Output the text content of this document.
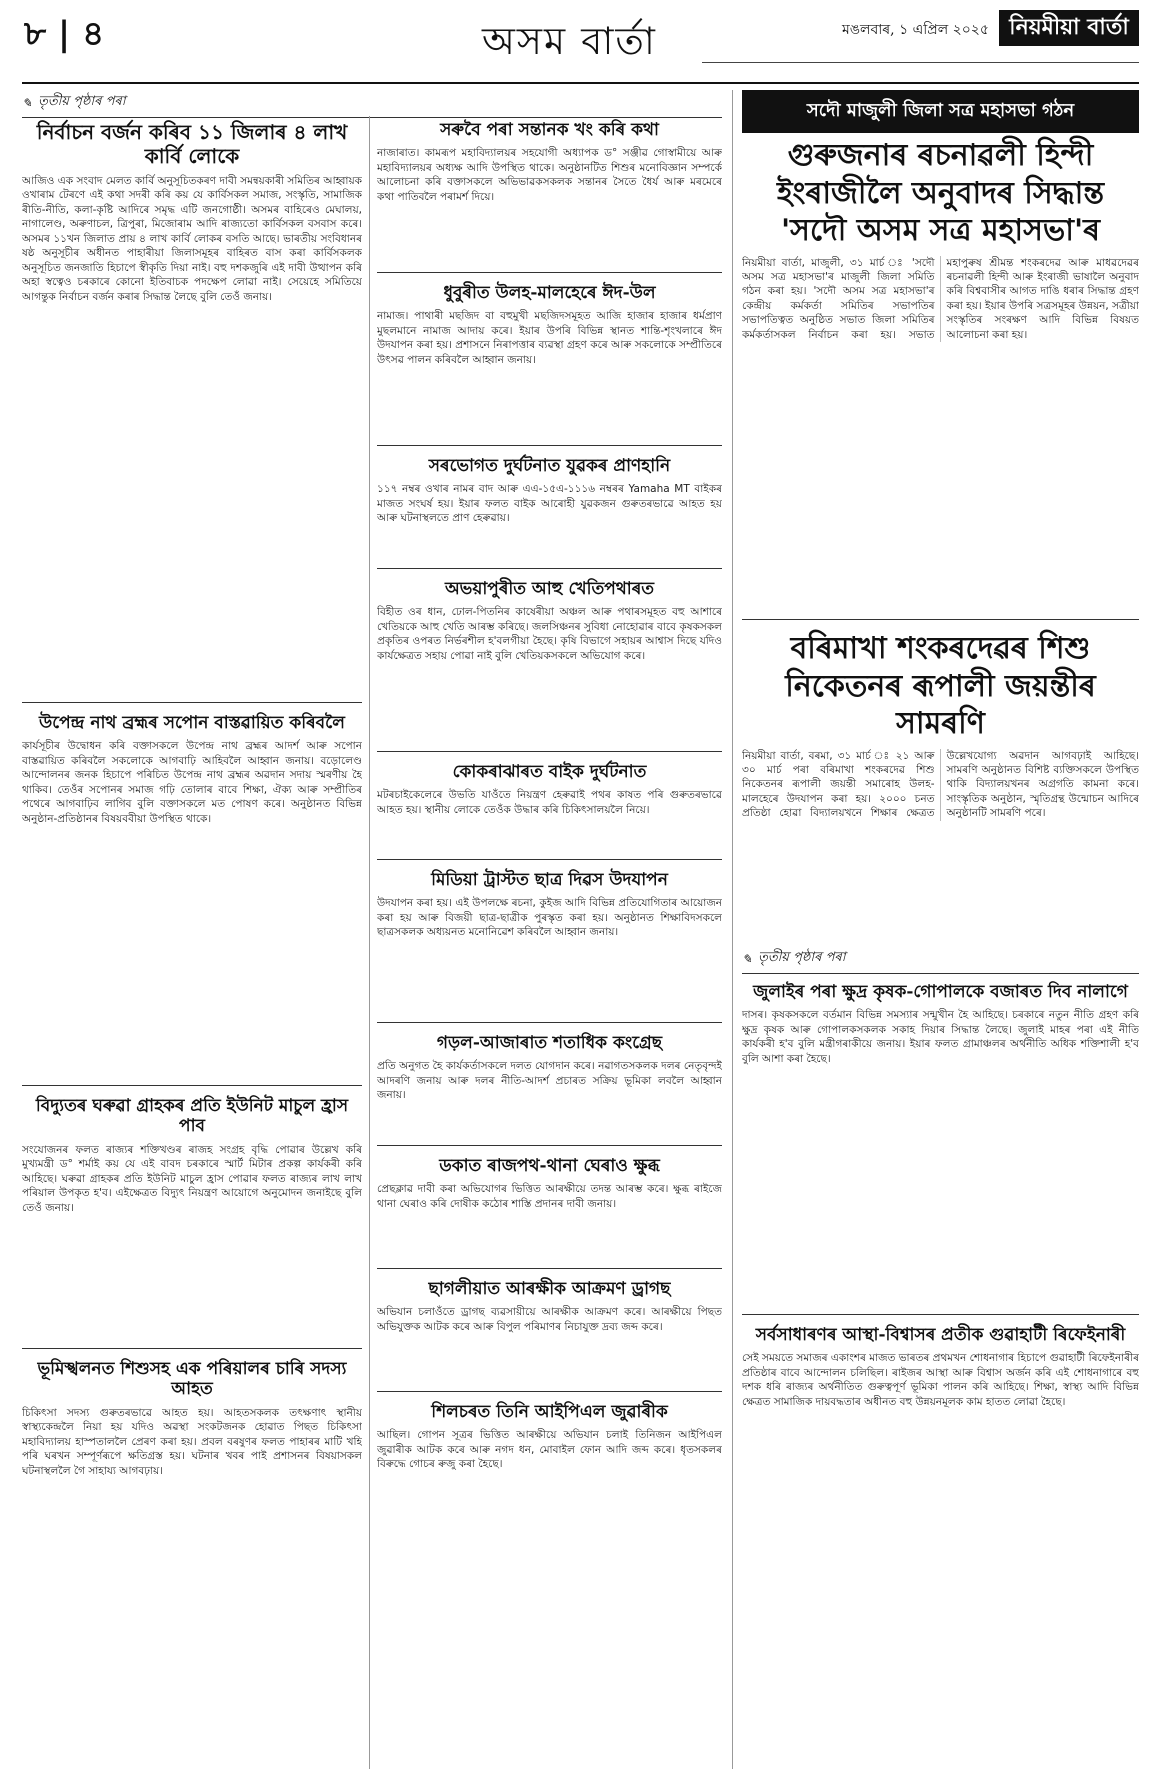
৮ | ৪	অসম বাৰ্তা	মঙলবাৰ, ১ এপ্ৰিল ২০২৫ নিয়মীয়া বাৰ্তা
✎ তৃতীয় পৃষ্ঠাৰ পৰা
নিৰ্বাচন বৰ্জন কৰিব ১১ জিলাৰ ৪ লাখ কাৰ্বি লোকে
আজিও এক সংবাদ মেলত কাৰ্বি অনুসূচিতকৰণ দাবী সমন্বয়কাৰী সমিতিৰ আহ্বায়ক ওখাৰাম টেৰণে এই কথা সদৰী কৰি কয় যে কাৰ্বিসকল সমাজ, সংস্কৃতি, সামাজিক ৰীতি-নীতি, কলা-কৃষ্টি আদিৰে সমৃদ্ধ এটি জনগোষ্ঠী। অসমৰ বাহিৰেও মেঘালয়, নাগালেণ্ড, অৰুণাচল, ত্ৰিপুৰা, মিজোৰাম আদি ৰাজ্যতো কাৰ্বিসকল বসবাস কৰে। অসমৰ ১১খন জিলাত প্ৰায় ৪ লাখ কাৰ্বি লোকৰ বসতি আছে। ভাৰতীয় সংবিধানৰ ষষ্ঠ অনুসূচীৰ অধীনত পাহাৰীয়া জিলাসমূহৰ বাহিৰত বাস কৰা কাৰ্বিসকলক অনুসূচিত জনজাতি হিচাপে স্বীকৃতি দিয়া নাই। বহু দশকজুৰি এই দাবী উত্থাপন কৰি অহা স্বত্বেও চৰকাৰে কোনো ইতিবাচক পদক্ষেপ লোৱা নাই। সেয়েহে সমিতিয়ে আগন্তুক নিৰ্বাচন বৰ্জন কৰাৰ সিদ্ধান্ত লৈছে বুলি তেওঁ জনায়।
উপেন্দ্ৰ নাথ ব্ৰহ্মৰ সপোন বাস্তৱায়িত কৰিবলৈ
কাৰ্যসূচীৰ উদ্বোধন কৰি বক্তাসকলে উপেন্দ্ৰ নাথ ব্ৰহ্মৰ আদৰ্শ আৰু সপোন বাস্তৱায়িত কৰিবলৈ সকলোকে আগবাঢ়ি আহিবলৈ আহ্বান জনায়। বড়োলেণ্ড আন্দোলনৰ জনক হিচাপে পৰিচিত উপেন্দ্ৰ নাথ ব্ৰহ্মৰ অৱদান সদায় স্মৰণীয় হৈ থাকিব। তেওঁৰ সপোনৰ সমাজ গঢ়ি তোলাৰ বাবে শিক্ষা, ঐক্য আৰু সম্প্ৰীতিৰ পথেৰে আগবাঢ়িব লাগিব বুলি বক্তাসকলে মত পোষণ কৰে। অনুষ্ঠানত বিভিন্ন অনুষ্ঠান-প্ৰতিষ্ঠানৰ বিষয়ববীয়া উপস্থিত থাকে।
বিদ্যুতৰ ঘৰুৱা গ্ৰাহকৰ প্ৰতি ইউনিট মাচুল হ্ৰাস পাব
সংযোজনৰ ফলত ৰাজ্যৰ শক্তিখণ্ডৰ ৰাজহ সংগ্ৰহ বৃদ্ধি পোৱাৰ উল্লেখ কৰি মুখ্যমন্ত্ৰী ড° শৰ্মাই কয় যে এই বাবদ চৰকাৰে স্মাৰ্ট মিটাৰ প্ৰকল্প কাৰ্যকৰী কৰি আহিছে। ঘৰুৱা গ্ৰাহকৰ প্ৰতি ইউনিট মাচুল হ্ৰাস পোৱাৰ ফলত ৰাজ্যৰ লাখ লাখ পৰিয়াল উপকৃত হ'ব। এইক্ষেত্ৰত বিদ্যুৎ নিয়ন্ত্ৰণ আয়োগে অনুমোদন জনাইছে বুলি তেওঁ জনায়।
ভূমিস্খলনত শিশুসহ এক পৰিয়ালৰ চাৰি সদস্য আহত
চিকিৎসা সদস্য গুৰুতৰভাৱে আহত হয়। আহতসকলক তৎক্ষণাৎ স্থানীয় স্বাস্থ্যকেন্দ্ৰলৈ নিয়া হয় যদিও অৱস্থা সংকটজনক হোৱাত পিছত চিকিৎসা মহাবিদ্যালয় হাস্পতাললৈ প্ৰেৰণ কৰা হয়। প্ৰবল বৰষুণৰ ফলত পাহাৰৰ মাটি খহি পৰি ঘৰখন সম্পূৰ্ণৰূপে ক্ষতিগ্ৰস্ত হয়। ঘটনাৰ খবৰ পাই প্ৰশাসনৰ বিষয়াসকল ঘটনাস্থললৈ গৈ সাহায্য আগবঢ়ায়।
সৰুবৈ পৰা সন্তানক খং কৰি কথা
নাজাৰাত। কামৰূপ মহাবিদ্যালয়ৰ সহযোগী অধ্যাপক ড° সঞ্জীৱ গোস্বামীয়ে আৰু মহাবিদ্যালয়ৰ অধ্যক্ষ আদি উপস্থিত থাকে। অনুষ্ঠানটিত শিশুৰ মনোবিজ্ঞান সম্পৰ্কে আলোচনা কৰি বক্তাসকলে অভিভাৱকসকলক সন্তানৰ সৈতে ধৈৰ্য আৰু মৰমেৰে কথা পাতিবলৈ পৰামৰ্শ দিয়ে।
ধুবুৰীত উলহ-মালহেৰে ঈদ-উল
নামাজ। পাথাৰী মছজিদ বা বহুমুখী মছজিদসমূহত আজি হাজাৰ হাজাৰ ধৰ্মপ্ৰাণ মুছলমানে নামাজ আদায় কৰে। ইয়াৰ উপৰি বিভিন্ন স্থানত শান্তি-শৃংখলাৰে ঈদ উদযাপন কৰা হয়। প্ৰশাসনে নিৰাপত্তাৰ ব্যৱস্থা গ্ৰহণ কৰে আৰু সকলোকে সম্প্ৰীতিৰে উৎসৱ পালন কৰিবলৈ আহ্বান জনায়।
সৰভোগত দুৰ্ঘটনাত যুৱকৰ প্ৰাণহানি
১১৭ নম্বৰ ওখাৰ নামৰ বাদ আৰু এএ-১৫এ-১১১৬ নম্বৰৰ Yamaha MT বাইকৰ মাজত সংঘৰ্ষ হয়। ইয়াৰ ফলত বাইক আৰোহী যুৱকজন গুৰুতৰভাৱে আহত হয় আৰু ঘটনাস্থলতে প্ৰাণ হেৰুৱায়।
অভয়াপুৰীত আহু খেতিপথাৰত
বিহীত ওৰ ধান, ঢোল-পিতনিৰ কাষেৰীয়া অঞ্চল আৰু পথাৰসমূহত বহু আশাৰে খেতিয়কে আহু খেতি আৰম্ভ কৰিছে। জলসিঞ্চনৰ সুবিধা নোহোৱাৰ বাবে কৃষকসকল প্ৰকৃতিৰ ওপৰত নিৰ্ভৰশীল হ'বলগীয়া হৈছে। কৃষি বিভাগে সহায়ৰ আশ্বাস দিছে যদিও কাৰ্যক্ষেত্ৰত সহায় পোৱা নাই বুলি খেতিয়কসকলে অভিযোগ কৰে।
কোকৰাঝাৰত বাইক দুৰ্ঘটনাত
মটৰচাইকেলেৰে উভতি যাওঁতে নিয়ন্ত্ৰণ হেৰুৱাই পথৰ কাষত পৰি গুৰুতৰভাৱে আহত হয়। স্থানীয় লোকে তেওঁক উদ্ধাৰ কৰি চিকিৎসালয়লৈ নিয়ে।
মিডিয়া ট্ৰাস্টত ছাত্ৰ দিৱস উদযাপন
উদযাপন কৰা হয়। এই উপলক্ষে ৰচনা, কুইজ আদি বিভিন্ন প্ৰতিযোগিতাৰ আয়োজন কৰা হয় আৰু বিজয়ী ছাত্ৰ-ছাত্ৰীক পুৰস্কৃত কৰা হয়। অনুষ্ঠানত শিক্ষাবিদসকলে ছাত্ৰসকলক অধ্যয়নত মনোনিৱেশ কৰিবলৈ আহ্বান জনায়।
গড়ল-আজাৰাত শতাধিক কংগ্ৰেছ
প্ৰতি অনুগত হৈ কাৰ্যকৰ্তাসকলে দলত যোগদান কৰে। নৱাগতসকলক দলৰ নেতৃবৃন্দই আদৰণি জনায় আৰু দলৰ নীতি-আদৰ্শ প্ৰচাৰত সক্ৰিয় ভূমিকা লবলৈ আহ্বান জনায়।
ডকাত ৰাজপথ-থানা ঘেৰাও ক্ষুব্ধ
প্ৰেছক্লাৱ দাবী কৰা অভিযোগৰ ভিত্তিত আৰক্ষীয়ে তদন্ত আৰম্ভ কৰে। ক্ষুব্ধ ৰাইজে থানা ঘেৰাও কৰি দোষীক কঠোৰ শাস্তি প্ৰদানৰ দাবী জনায়।
ছাগলীয়াত আৰক্ষীক আক্ৰমণ ড্ৰাগছ
অভিযান চলাওঁতে ড্ৰাগছ ব্যৱসায়ীয়ে আৰক্ষীক আক্ৰমণ কৰে। আৰক্ষীয়ে পিছত অভিযুক্তক আটক কৰে আৰু বিপুল পৰিমাণৰ নিচাযুক্ত দ্ৰব্য জব্দ কৰে।
শিলচৰত তিনি আইপিএল জুৱাৰীক
আছিল। গোপন সূত্ৰৰ ভিত্তিত আৰক্ষীয়ে অভিযান চলাই তিনিজন আইপিএল জুৱাৰীক আটক কৰে আৰু নগদ ধন, মোবাইল ফোন আদি জব্দ কৰে। ধৃতসকলৰ বিৰুদ্ধে গোচৰ ৰুজু কৰা হৈছে।
সদৌ মাজুলী জিলা সত্ৰ মহাসভা গঠন
গুৰুজনাৰ ৰচনাৱলী হিন্দী ইংৰাজীলৈ অনুবাদৰ সিদ্ধান্ত 'সদৌ অসম সত্ৰ মহাসভা'ৰ
নিয়মীয়া বাৰ্তা, মাজুলী, ৩১ মাৰ্চ ঃ 'সদৌ অসম সত্ৰ মহাসভা'ৰ মাজুলী জিলা সমিতি গঠন কৰা হয়। 'সদৌ অসম সত্ৰ মহাসভা'ৰ কেন্দ্ৰীয় কৰ্মকৰ্তা সমিতিৰ সভাপতিৰ সভাপতিত্বত অনুষ্ঠিত সভাত জিলা সমিতিৰ কৰ্মকৰ্তাসকল নিৰ্বাচন কৰা হয়। সভাত মহাপুৰুষ শ্ৰীমন্ত শংকৰদেৱ আৰু মাধৱদেৱৰ ৰচনাৱলী হিন্দী আৰু ইংৰাজী ভাষালৈ অনুবাদ কৰি বিশ্ববাসীৰ আগত দাঙি ধৰাৰ সিদ্ধান্ত গ্ৰহণ কৰা হয়। ইয়াৰ উপৰি সত্ৰসমূহৰ উন্নয়ন, সত্ৰীয়া সংস্কৃতিৰ সংৰক্ষণ আদি বিভিন্ন বিষয়ত আলোচনা কৰা হয়।
বৰিমাখা শংকৰদেৱৰ শিশু নিকেতনৰ ৰূপালী জয়ন্তীৰ সামৰণি
নিয়মীয়া বাৰ্তা, বৰমা, ৩১ মাৰ্চ ঃ ২১ আৰু ৩০ মাৰ্চ পৰা বৰিমাখা শংকৰদেৱ শিশু নিকেতনৰ ৰূপালী জয়ন্তী সমাৰোহ উলহ-মালহেৰে উদযাপন কৰা হয়। ২০০০ চনত প্ৰতিষ্ঠা হোৱা বিদ্যালয়খনে শিক্ষাৰ ক্ষেত্ৰত উল্লেখযোগ্য অৱদান আগবঢ়াই আহিছে। সামৰণি অনুষ্ঠানত বিশিষ্ট ব্যক্তিসকলে উপস্থিত থাকি বিদ্যালয়খনৰ অগ্ৰগতি কামনা কৰে। সাংস্কৃতিক অনুষ্ঠান, স্মৃতিগ্ৰন্থ উন্মোচন আদিৰে অনুষ্ঠানটি সামৰণি পৰে।
✎ তৃতীয় পৃষ্ঠাৰ পৰা
জুলাইৰ পৰা ক্ষুদ্ৰ কৃষক-গোপালকে বজাৰত দিব নালাগে
দাসৰ। কৃষকসকলে বৰ্তমান বিভিন্ন সমস্যাৰ সন্মুখীন হৈ আহিছে। চৰকাৰে নতুন নীতি গ্ৰহণ কৰি ক্ষুদ্ৰ কৃষক আৰু গোপালকসকলক সকাহ দিয়াৰ সিদ্ধান্ত লৈছে। জুলাই মাহৰ পৰা এই নীতি কাৰ্যকৰী হ'ব বুলি মন্ত্ৰীগৰাকীয়ে জনায়। ইয়াৰ ফলত গ্ৰামাঞ্চলৰ অৰ্থনীতি অধিক শক্তিশালী হ'ব বুলি আশা কৰা হৈছে।
সৰ্বসাধাৰণৰ আস্থা-বিশ্বাসৰ প্ৰতীক গুৱাহাটী ৰিফেইনাৰী
সেই সময়তে সমাজৰ একাংশৰ মাজত ভাৰতৰ প্ৰথমখন শোধনাগাৰ হিচাপে গুৱাহাটী ৰিফেইনাৰীৰ প্ৰতিষ্ঠাৰ বাবে আন্দোলন চলিছিল। ৰাইজৰ আস্থা আৰু বিশ্বাস অৰ্জন কৰি এই শোধনাগাৰে বহু দশক ধৰি ৰাজ্যৰ অৰ্থনীতিত গুৰুত্বপূৰ্ণ ভূমিকা পালন কৰি আহিছে। শিক্ষা, স্বাস্থ্য আদি বিভিন্ন ক্ষেত্ৰত সামাজিক দায়বদ্ধতাৰ অধীনত বহু উন্নয়নমূলক কাম হাতত লোৱা হৈছে।
